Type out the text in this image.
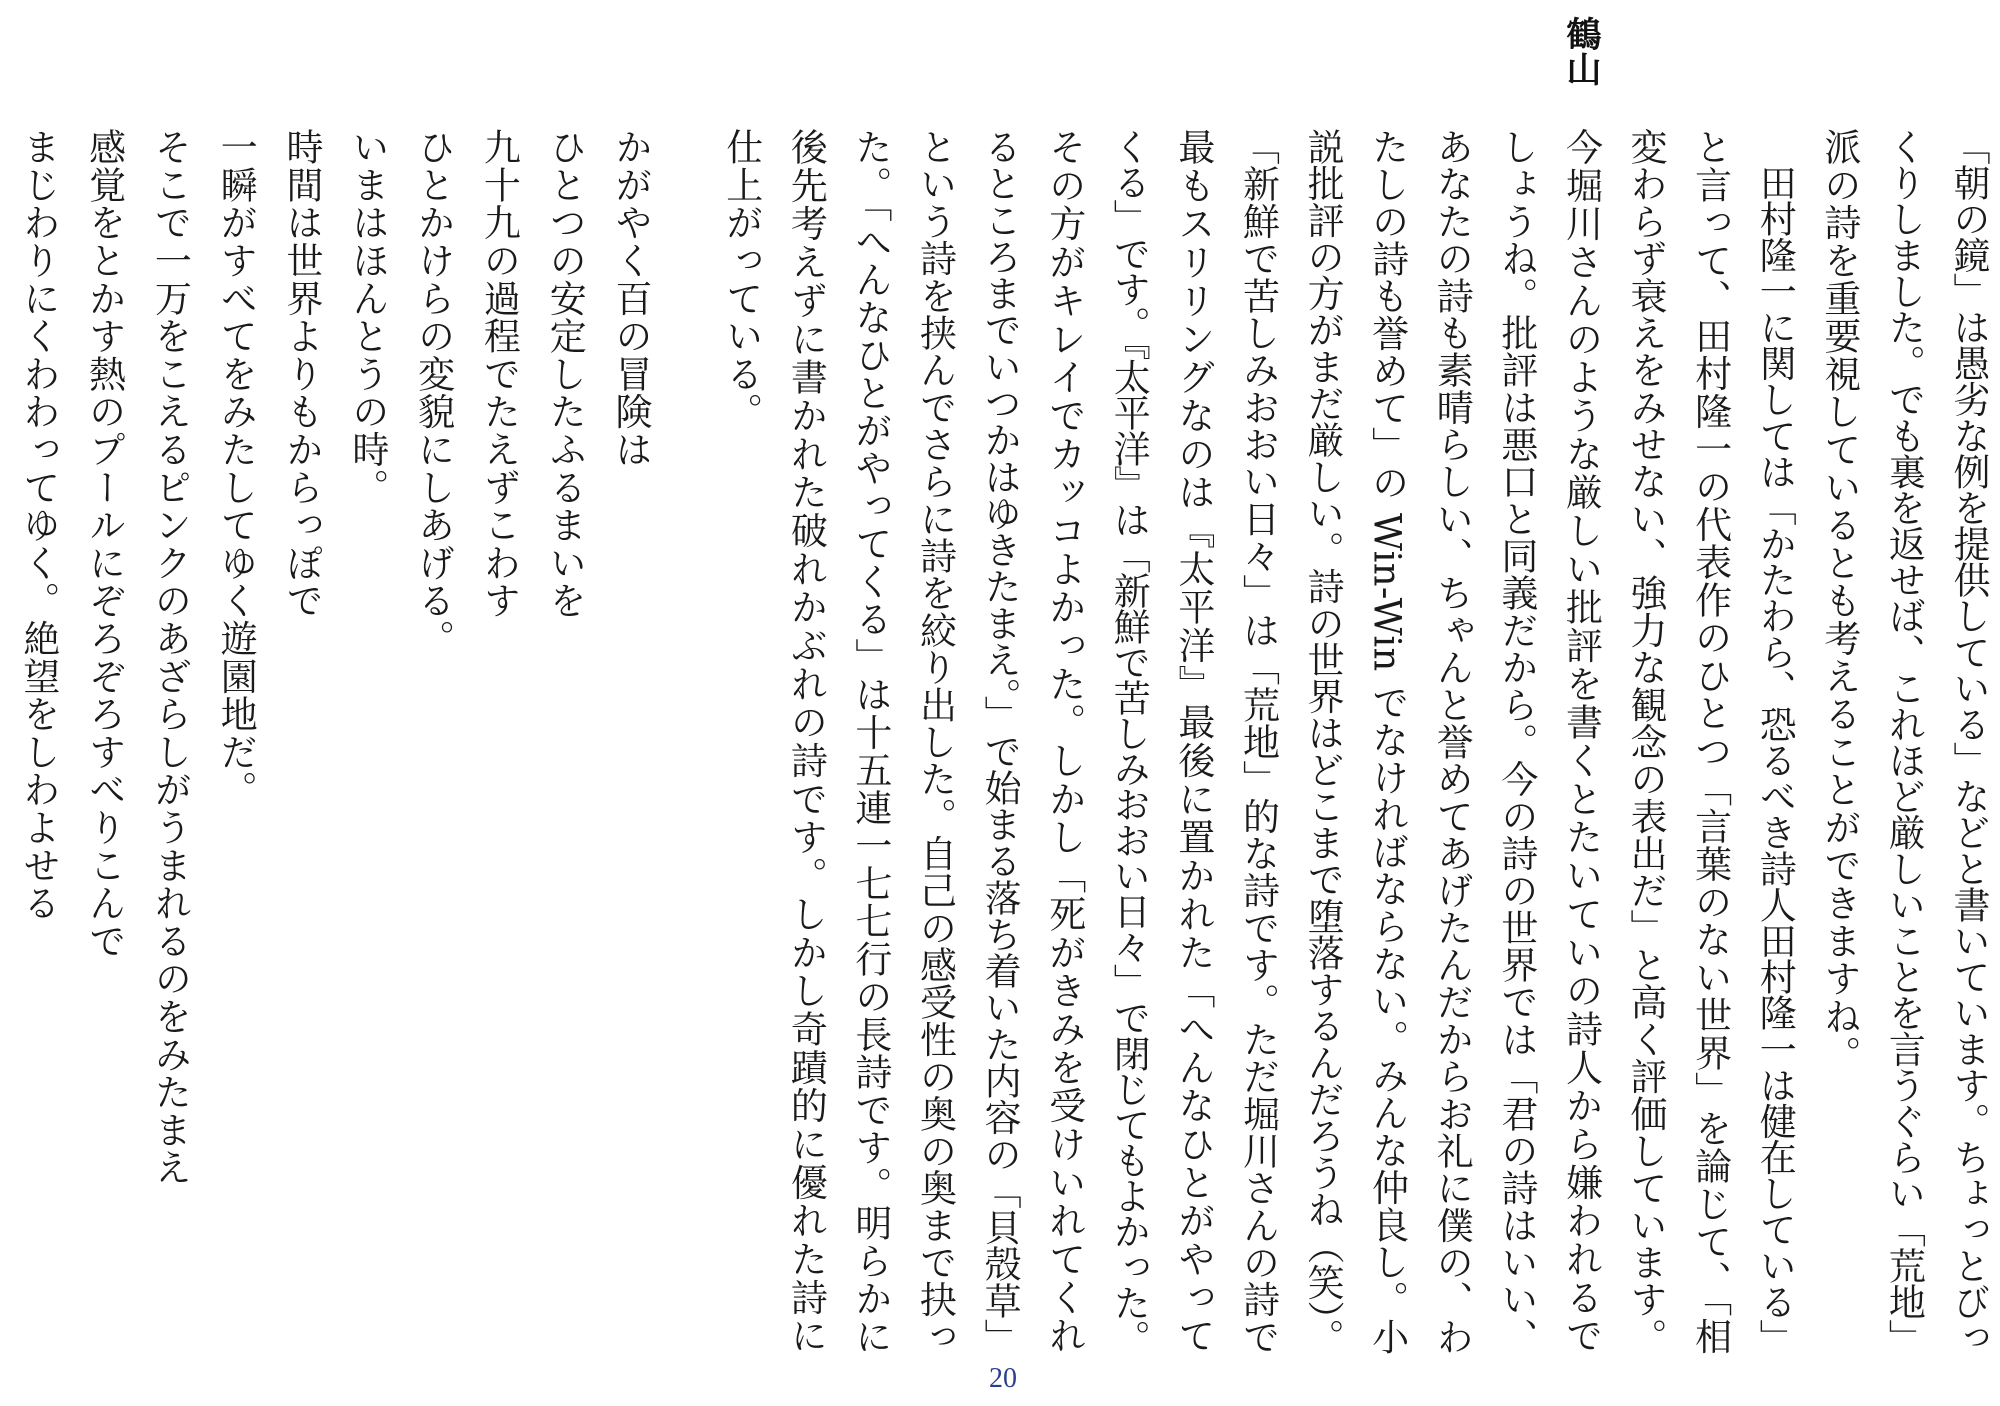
鶴山
「朝の鏡」は愚劣な例を提供している」などと書いています。ちょっとびっ
くりしました。でも裏を返せば、これほど厳しいことを言うぐらい「荒地」
派の詩を重要視しているとも考えることができますね。
　田村隆一に関しては「かたわら、恐るべき詩人田村隆一は健在している」
と言って、田村隆一の代表作のひとつ「言葉のない世界」を論じて、「相
変わらず衰えをみせない、強力な観念の表出だ」と高く評価しています。
今堀川さんのような厳しい批評を書くとたいていの詩人から嫌われるで
しょうね。批評は悪口と同義だから。今の詩の世界では「君の詩はいい、
あなたの詩も素晴らしい、ちゃんと誉めてあげたんだからお礼に僕の、わ
たしの詩も誉めて」の Win-Win でなければならない。みんな仲良し。小
説批評の方がまだ厳しい。詩の世界はどこまで堕落するんだろうね（笑）。
「新鮮で苦しみおおい日々」は「荒地」的な詩です。ただ堀川さんの詩で
最もスリリングなのは『太平洋』最後に置かれた「へんなひとがやって
くる」です。『太平洋』は「新鮮で苦しみおおい日々」で閉じてもよかった。
その方がキレイでカッコよかった。しかし「死がきみを受けいれてくれ
るところまでいつかはゆきたまえ。」で始まる落ち着いた内容の「貝殻草」
という詩を挟んでさらに詩を絞り出した。自己の感受性の奥の奥まで抉っ
た。「へんなひとがやってくる」は十五連一七七行の長詩です。明らかに
後先考えずに書かれた破れかぶれの詩です。しかし奇蹟的に優れた詩に
仕上がっている。
かがやく百の冒険は
ひとつの安定したふるまいを
九十九の過程でたえずこわす
ひとかけらの変貌にしあげる。
いまはほんとうの時。
時間は世界よりもからっぽで
一瞬がすべてをみたしてゆく遊園地だ。
そこで一万をこえるピンクのあざらしがうまれるのをみたまえ
感覚をとかす熱のプールにぞろぞろすべりこんで
まじわりにくわわってゆく。絶望をしわよせる
20
